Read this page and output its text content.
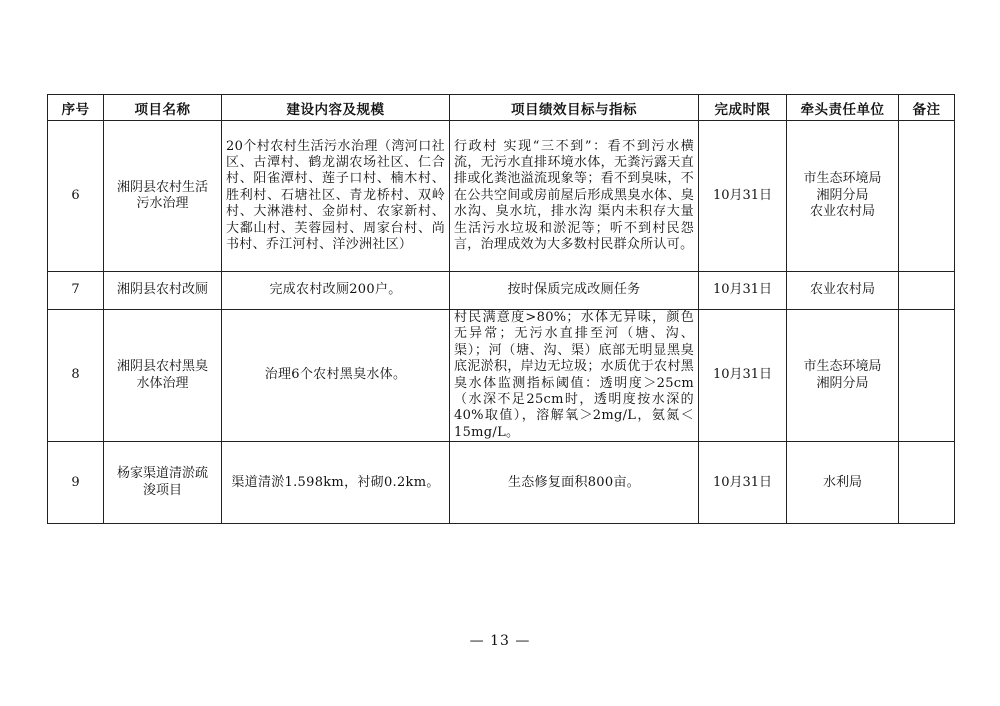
序号	项目名称	建设内容及规模	项目绩效目标与指标	完成时限	牵头责任单位	备注
6	湘阴县农村生活污水治理	20个村农村生活污水治理（湾河口社区、古潭村、鹤龙湖农场社区、仁合村、阳雀潭村、莲子口村、楠木村、胜利村、石塘社区、青龙桥村、双岭村、大淋港村、金峁村、农家新村、大鄱山村、芙蓉园村、周家台村、尚书村、乔江河村、洋沙洲社区）	行政村 实现“三不到”：看不到污水横流，无污水直排环境水体，无粪污露天直排或化粪池溢流现象等；看不到臭味，不在公共空间或房前屋后形成黑臭水体、臭水沟、臭水坑，排水沟 渠内未积存大量生活污水垃圾和淤泥等；听不到村民怨言，治理成效为大多数村民群众所认可。	10月31日	市生态环境局
湘阴分局
农业农村局	

7	湘阴县农村改厕	完成农村改厕200户。	按时保质完成改厕任务	10月31日	农业农村局	

8	湘阴县农村黑臭水体治理	治理6个农村黑臭水体。	村民满意度>80%；水体无异味，颜色无异常；无污水直排至河（塘、沟、渠）；河（塘、沟、渠）底部无明显黑臭底泥淤积，岸边无垃圾；水质优于农村黑臭水体监测指标阈值：透明度＞25cm（水深不足25cm时，透明度按水深的 40%取值），溶解氧＞2mg/L，氨氮＜15mg/L。	10月31日	市生态环境局
湘阴分局	

9	杨家渠道清淤疏浚项目	渠道清淤1.598km，衬砌0.2km。	生态修复面积800亩。	10月31日	水利局	

— 13 —
